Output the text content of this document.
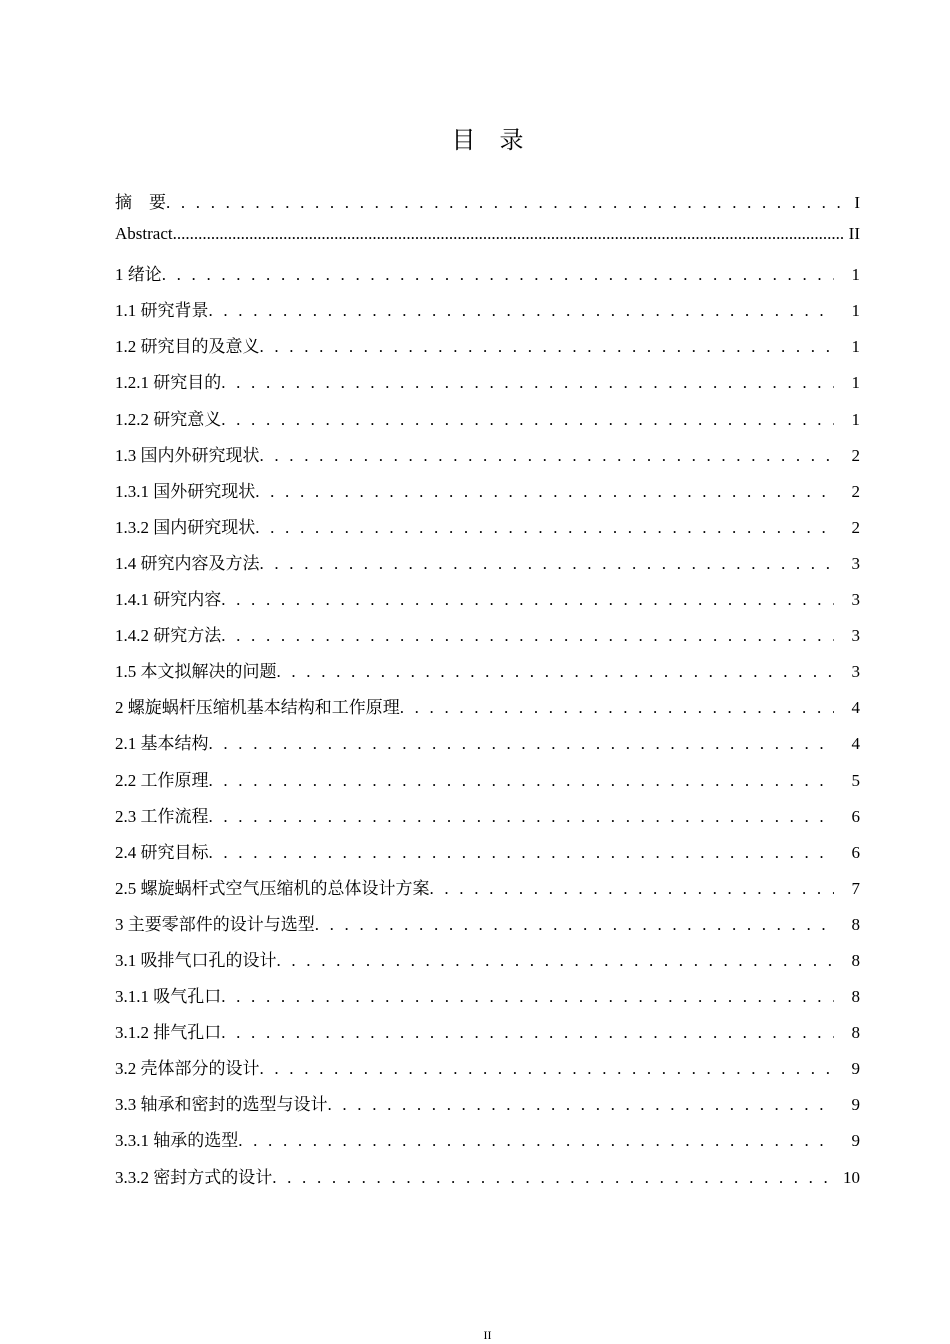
目　录
摘　要 . . .	I
Abstract .....	II
1 绪论 . . .	1
1.1 研究背景 . . .	1
1.2 研究目的及意义 . . .	1
1.2.1 研究目的 . . .	1
1.2.2 研究意义 . . .	1
1.3 国内外研究现状 . . .	2
1.3.1 国外研究现状 . . .	2
1.3.2 国内研究现状 . . .	2
1.4 研究内容及方法 . . .	3
1.4.1 研究内容 . . .	3
1.4.2 研究方法 . . .	3
1.5 本文拟解决的问题 . . .	3
2 螺旋蜗杆压缩机基本结构和工作原理 . . .	4
2.1 基本结构 . . .	4
2.2 工作原理 . . .	5
2.3 工作流程 . . .	6
2.4 研究目标 . . .	6
2.5 螺旋蜗杆式空气压缩机的总体设计方案 . . .	7
3 主要零部件的设计与选型 . . .	8
3.1 吸排气口孔的设计 . . .	8
3.1.1 吸气孔口 . . .	8
3.1.2 排气孔口 . . .	8
3.2 壳体部分的设计 . . .	9
3.3 轴承和密封的选型与设计 . . .	9
3.3.1 轴承的选型 . . .	9
3.3.2 密封方式的设计 . . .	10
II
